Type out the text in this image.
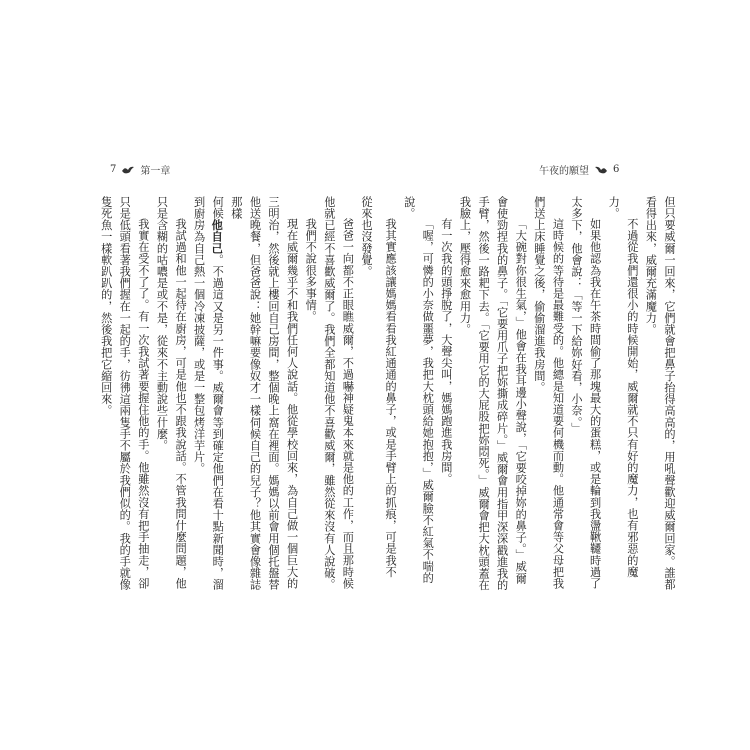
7 第一章

從來也沒發覺。

爸爸一向都不正眼瞧威爾，不過嚇神疑鬼本來就是他的工作，而且那時候他就已經不喜歡威爾了。我們全都知道他不喜歡威爾，雖然從來沒有人說破。

我們不說很多事情。

現在威爾幾乎不和我們任何人說話。他從學校回來，為自己做一個巨大的三明治，然後就上樓回自己房間，整個晚上窩在裡面。媽媽以前會用個托盤替他送晚餐，但爸爸說：她幹嘛要像奴才一樣伺候自己的兒子？他其實會像雜誌那樣

何候他自己。不過這又是另一件事。威爾會等到確定他們在看十點新聞時，溜到廚房為自己熱一個冷凍披薩，或是一整包烤洋芋片。

我試過和他一起待在廚房，可是他也不跟我說話。不管我問什麼問題，他只是含糊的咕噥是或不是，從來不主動說些什麼。

我實在受不了了。有一次我試著要握住他的手。他雖然沒有把手抽走，卻只是低頭看著我們握在一起的手，彷彿這兩隻手不屬於我們似的。我的手就像隻死魚一樣軟趴趴的，然後我把它縮回來。

午夜的願望 6

但只要威爾一回來，它們就會把鼻子抬得高高的，用吼聲歡迎威爾回家。誰都看得出來，威爾充滿魔力。

不過從我們還很小的時候開始，威爾就不只有好的魔力，也有邪惡的魔力。

如果他認為我在午茶時間偷了那塊最大的蛋糕，或是輪到我盪鞦韆時過了太多下，他會說：「等一下給妳好看，小奈。」

這時候的等待是最難受的。他總是知道要何機而動。他通常會等父母把我們送上床睡覺之後，偷偷溜進我房間。

「大碗對你很生氣，」他會在我耳邊小聲說，「它要咬掉妳的鼻子。」威爾會使勁捏我的鼻子。「它要用爪子把妳撕成碎片。」威爾會用指甲深深戳進我的手臂，然後一路耙下去。「它要用它的大屁股把妳悶死。」威爾會把大枕頭蓋在我臉上，壓得愈來愈用力。

有一次我的頭掙脫了，大聲尖叫，媽媽跑進我房間。

「喔，可憐的小奈做噩夢，我把大枕頭給她抱抱，」威爾臉不紅氣不喘的說。

我其實應該讓媽媽看看我紅通通的鼻子，或是手臂上的抓痕，可是我不
